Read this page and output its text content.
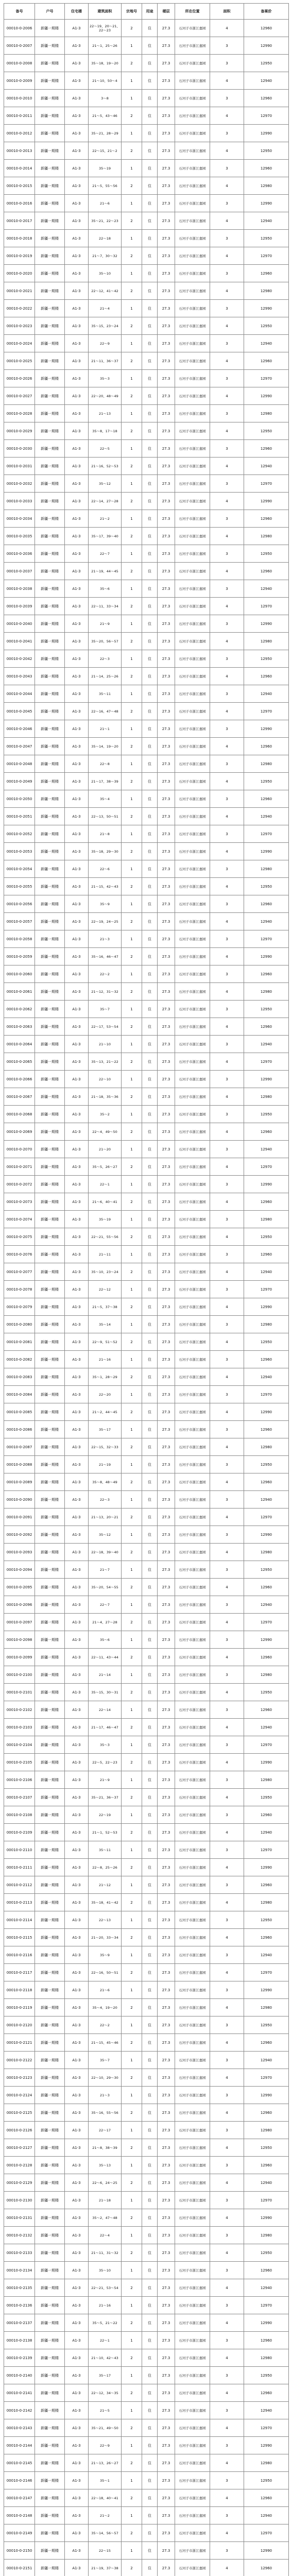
备号	户号	住宅楼	建筑面积	宗地号	用途	楼层	所在位置	面积	备案价
00010-0-2006	新疆一期楼	A1-3	22～19、20～21、22～23	2	住	27.3	石河子市浙江嘉园	4	12960
00010-0-2007	新疆一期楼	A1-3	21～1、25～26	1	住	27.3	石河子市浙江嘉园	3	12990
00010-0-2008	新疆一期楼	A1-3	35～18、19～20	2	住	27.3	石河子市浙江嘉园	3	12950
00010-0-2009	新疆一期楼	A1-3	21～10、50～4	1	住	27.3	石河子市浙江嘉园	4	12940
00010-0-2010	新疆一期楼	A1-3	3～8	1	住	27.3	石河子市浙江嘉园	3	12960
00010-0-2011	新疆一期楼	A1-3	21～5、43～46	2	住	27.3	石河子市浙江嘉园	4	12970
00010-0-2012	新疆一期楼	A1-3	35～21、28～29	1	住	27.3	石河子市浙江嘉园	3	12990
00010-0-2013	新疆一期楼	A1-3	22～15、21～2	2	住	27.3	石河子市浙江嘉园	4	12950
00010-0-2014	新疆一期楼	A1-3	35～19	1	住	27.3	石河子市浙江嘉园	3	12960
00010-0-2015	新疆一期楼	A1-3	21～5、55～56	2	住	27.3	石河子市浙江嘉园	4	12980
00010-0-2016	新疆一期楼	A1-3	21～6	1	住	27.3	石河子市浙江嘉园	3	12990
00010-0-2017	新疆一期楼	A1-3	35～21、22～23	2	住	27.3	石河子市浙江嘉园	4	12940
00010-0-2018	新疆一期楼	A1-3	22～18	1	住	27.3	石河子市浙江嘉园	3	12950
00010-0-2019	新疆一期楼	A1-3	21～7、30～32	2	住	27.3	石河子市浙江嘉园	4	12970
00010-0-2020	新疆一期楼	A1-3	35～10	1	住	27.3	石河子市浙江嘉园	3	12960
00010-0-2021	新疆一期楼	A1-3	22～12、41～42	2	住	27.3	石河子市浙江嘉园	4	12980
00010-0-2022	新疆一期楼	A1-3	21～4	1	住	27.3	石河子市浙江嘉园	3	12990
00010-0-2023	新疆一期楼	A1-3	35～15、23～24	2	住	27.3	石河子市浙江嘉园	4	12950
00010-0-2024	新疆一期楼	A1-3	22～9	1	住	27.3	石河子市浙江嘉园	3	12940
00010-0-2025	新疆一期楼	A1-3	21～11、36～37	2	住	27.3	石河子市浙江嘉园	4	12960
00010-0-2026	新疆一期楼	A1-3	35～3	1	住	27.3	石河子市浙江嘉园	3	12970
00010-0-2027	新疆一期楼	A1-3	22～20、48～49	2	住	27.3	石河子市浙江嘉园	4	12990
00010-0-2028	新疆一期楼	A1-3	21～13	1	住	27.3	石河子市浙江嘉园	3	12980
00010-0-2029	新疆一期楼	A1-3	35～8、17～18	2	住	27.3	石河子市浙江嘉园	4	12950
00010-0-2030	新疆一期楼	A1-3	22～5	1	住	27.3	石河子市浙江嘉园	3	12960
00010-0-2031	新疆一期楼	A1-3	21～16、52～53	2	住	27.3	石河子市浙江嘉园	4	12940
00010-0-2032	新疆一期楼	A1-3	35～12	1	住	27.3	石河子市浙江嘉园	3	12970
00010-0-2033	新疆一期楼	A1-3	22～14、27～28	2	住	27.3	石河子市浙江嘉园	4	12990
00010-0-2034	新疆一期楼	A1-3	21～2	1	住	27.3	石河子市浙江嘉园	3	12960
00010-0-2035	新疆一期楼	A1-3	35～17、39～40	2	住	27.3	石河子市浙江嘉园	4	12980
00010-0-2036	新疆一期楼	A1-3	22～7	1	住	27.3	石河子市浙江嘉园	3	12950
00010-0-2037	新疆一期楼	A1-3	21～19、44～45	2	住	27.3	石河子市浙江嘉园	4	12960
00010-0-2038	新疆一期楼	A1-3	35～6	1	住	27.3	石河子市浙江嘉园	3	12940
00010-0-2039	新疆一期楼	A1-3	22～11、33～34	2	住	27.3	石河子市浙江嘉园	4	12970
00010-0-2040	新疆一期楼	A1-3	21～9	1	住	27.3	石河子市浙江嘉园	3	12990
00010-0-2041	新疆一期楼	A1-3	35～20、56～57	2	住	27.3	石河子市浙江嘉园	4	12980
00010-0-2042	新疆一期楼	A1-3	22～3	1	住	27.3	石河子市浙江嘉园	3	12950
00010-0-2043	新疆一期楼	A1-3	21～14、25～26	2	住	27.3	石河子市浙江嘉园	4	12960
00010-0-2044	新疆一期楼	A1-3	35～11	1	住	27.3	石河子市浙江嘉园	3	12940
00010-0-2045	新疆一期楼	A1-3	22～16、47～48	2	住	27.3	石河子市浙江嘉园	4	12970
00010-0-2046	新疆一期楼	A1-3	21～1	1	住	27.3	石河子市浙江嘉园	3	12990
00010-0-2047	新疆一期楼	A1-3	35～14、19～20	2	住	27.3	石河子市浙江嘉园	4	12960
00010-0-2048	新疆一期楼	A1-3	22～8	1	住	27.3	石河子市浙江嘉园	3	12980
00010-0-2049	新疆一期楼	A1-3	21～17、38～39	2	住	27.3	石河子市浙江嘉园	4	12950
00010-0-2050	新疆一期楼	A1-3	35～4	1	住	27.3	石河子市浙江嘉园	3	12960
00010-0-2051	新疆一期楼	A1-3	22～13、50～51	2	住	27.3	石河子市浙江嘉园	4	12940
00010-0-2052	新疆一期楼	A1-3	21～8	1	住	27.3	石河子市浙江嘉园	3	12970
00010-0-2053	新疆一期楼	A1-3	35～18、29～30	2	住	27.3	石河子市浙江嘉园	4	12990
00010-0-2054	新疆一期楼	A1-3	22～6	1	住	27.3	石河子市浙江嘉园	3	12980
00010-0-2055	新疆一期楼	A1-3	21～15、42～43	2	住	27.3	石河子市浙江嘉园	4	12950
00010-0-2056	新疆一期楼	A1-3	35～9	1	住	27.3	石河子市浙江嘉园	3	12960
00010-0-2057	新疆一期楼	A1-3	22～19、24～25	2	住	27.3	石河子市浙江嘉园	4	12940
00010-0-2058	新疆一期楼	A1-3	21～3	1	住	27.3	石河子市浙江嘉园	3	12970
00010-0-2059	新疆一期楼	A1-3	35～16、46～47	2	住	27.3	石河子市浙江嘉园	4	12990
00010-0-2060	新疆一期楼	A1-3	22～2	1	住	27.3	石河子市浙江嘉园	3	12960
00010-0-2061	新疆一期楼	A1-3	21～12、31～32	2	住	27.3	石河子市浙江嘉园	4	12980
00010-0-2062	新疆一期楼	A1-3	35～7	1	住	27.3	石河子市浙江嘉园	3	12950
00010-0-2063	新疆一期楼	A1-3	22～17、53～54	2	住	27.3	石河子市浙江嘉园	4	12960
00010-0-2064	新疆一期楼	A1-3	21～10	1	住	27.3	石河子市浙江嘉园	3	12940
00010-0-2065	新疆一期楼	A1-3	35～13、21～22	2	住	27.3	石河子市浙江嘉园	4	12970
00010-0-2066	新疆一期楼	A1-3	22～10	1	住	27.3	石河子市浙江嘉园	3	12990
00010-0-2067	新疆一期楼	A1-3	21～18、35～36	2	住	27.3	石河子市浙江嘉园	4	12980
00010-0-2068	新疆一期楼	A1-3	35～2	1	住	27.3	石河子市浙江嘉园	3	12950
00010-0-2069	新疆一期楼	A1-3	22～4、49～50	2	住	27.3	石河子市浙江嘉园	4	12960
00010-0-2070	新疆一期楼	A1-3	21～20	1	住	27.3	石河子市浙江嘉园	3	12940
00010-0-2071	新疆一期楼	A1-3	35～5、26～27	2	住	27.3	石河子市浙江嘉园	4	12970
00010-0-2072	新疆一期楼	A1-3	22～1	1	住	27.3	石河子市浙江嘉园	3	12990
00010-0-2073	新疆一期楼	A1-3	21～6、40～41	2	住	27.3	石河子市浙江嘉园	4	12960
00010-0-2074	新疆一期楼	A1-3	35～19	1	住	27.3	石河子市浙江嘉园	3	12980
00010-0-2075	新疆一期楼	A1-3	22～21、55～56	2	住	27.3	石河子市浙江嘉园	4	12950
00010-0-2076	新疆一期楼	A1-3	21～11	1	住	27.3	石河子市浙江嘉园	3	12960
00010-0-2077	新疆一期楼	A1-3	35～10、23～24	2	住	27.3	石河子市浙江嘉园	4	12940
00010-0-2078	新疆一期楼	A1-3	22～12	1	住	27.3	石河子市浙江嘉园	3	12970
00010-0-2079	新疆一期楼	A1-3	21～5、37～38	2	住	27.3	石河子市浙江嘉园	4	12990
00010-0-2080	新疆一期楼	A1-3	35～14	1	住	27.3	石河子市浙江嘉园	3	12980
00010-0-2081	新疆一期楼	A1-3	22～9、51～52	2	住	27.3	石河子市浙江嘉园	4	12950
00010-0-2082	新疆一期楼	A1-3	21～16	1	住	27.3	石河子市浙江嘉园	3	12960
00010-0-2083	新疆一期楼	A1-3	35～1、28～29	2	住	27.3	石河子市浙江嘉园	4	12940
00010-0-2084	新疆一期楼	A1-3	22～20	1	住	27.3	石河子市浙江嘉园	3	12970
00010-0-2085	新疆一期楼	A1-3	21～2、44～45	2	住	27.3	石河子市浙江嘉园	4	12990
00010-0-2086	新疆一期楼	A1-3	35～17	1	住	27.3	石河子市浙江嘉园	3	12960
00010-0-2087	新疆一期楼	A1-3	22～15、32～33	2	住	27.3	石河子市浙江嘉园	4	12980
00010-0-2088	新疆一期楼	A1-3	21～19	1	住	27.3	石河子市浙江嘉园	3	12950
00010-0-2089	新疆一期楼	A1-3	35～8、48～49	2	住	27.3	石河子市浙江嘉园	4	12960
00010-0-2090	新疆一期楼	A1-3	22～3	1	住	27.3	石河子市浙江嘉园	3	12940
00010-0-2091	新疆一期楼	A1-3	21～13、20～21	2	住	27.3	石河子市浙江嘉园	4	12970
00010-0-2092	新疆一期楼	A1-3	35～12	1	住	27.3	石河子市浙江嘉园	3	12990
00010-0-2093	新疆一期楼	A1-3	22～18、39～40	2	住	27.3	石河子市浙江嘉园	4	12980
00010-0-2094	新疆一期楼	A1-3	21～7	1	住	27.3	石河子市浙江嘉园	3	12950
00010-0-2095	新疆一期楼	A1-3	35～20、54～55	2	住	27.3	石河子市浙江嘉园	4	12960
00010-0-2096	新疆一期楼	A1-3	22～7	1	住	27.3	石河子市浙江嘉园	3	12940
00010-0-2097	新疆一期楼	A1-3	21～4、27～28	2	住	27.3	石河子市浙江嘉园	4	12970
00010-0-2098	新疆一期楼	A1-3	35～6	1	住	27.3	石河子市浙江嘉园	3	12990
00010-0-2099	新疆一期楼	A1-3	22～11、43～44	2	住	27.3	石河子市浙江嘉园	4	12960
00010-0-2100	新疆一期楼	A1-3	21～14	1	住	27.3	石河子市浙江嘉园	3	12980
00010-0-2101	新疆一期楼	A1-3	35～15、30～31	2	住	27.3	石河子市浙江嘉园	4	12950
00010-0-2102	新疆一期楼	A1-3	22～14	1	住	27.3	石河子市浙江嘉园	3	12960
00010-0-2103	新疆一期楼	A1-3	21～17、46～47	2	住	27.3	石河子市浙江嘉园	4	12940
00010-0-2104	新疆一期楼	A1-3	35～3	1	住	27.3	石河子市浙江嘉园	3	12970
00010-0-2105	新疆一期楼	A1-3	22～5、22～23	2	住	27.3	石河子市浙江嘉园	4	12990
00010-0-2106	新疆一期楼	A1-3	21～9	1	住	27.3	石河子市浙江嘉园	3	12980
00010-0-2107	新疆一期楼	A1-3	35～21、36～37	2	住	27.3	石河子市浙江嘉园	4	12950
00010-0-2108	新疆一期楼	A1-3	22～19	1	住	27.3	石河子市浙江嘉园	3	12960
00010-0-2109	新疆一期楼	A1-3	21～1、52～53	2	住	27.3	石河子市浙江嘉园	4	12940
00010-0-2110	新疆一期楼	A1-3	35～11	1	住	27.3	石河子市浙江嘉园	3	12970
00010-0-2111	新疆一期楼	A1-3	22～8、25～26	2	住	27.3	石河子市浙江嘉园	4	12990
00010-0-2112	新疆一期楼	A1-3	21～12	1	住	27.3	石河子市浙江嘉园	3	12960
00010-0-2113	新疆一期楼	A1-3	35～18、41～42	2	住	27.3	石河子市浙江嘉园	4	12980
00010-0-2114	新疆一期楼	A1-3	22～13	1	住	27.3	石河子市浙江嘉园	3	12950
00010-0-2115	新疆一期楼	A1-3	21～20、33～34	2	住	27.3	石河子市浙江嘉园	4	12960
00010-0-2116	新疆一期楼	A1-3	35～9	1	住	27.3	石河子市浙江嘉园	3	12940
00010-0-2117	新疆一期楼	A1-3	22～16、50～51	2	住	27.3	石河子市浙江嘉园	4	12970
00010-0-2118	新疆一期楼	A1-3	21～6	1	住	27.3	石河子市浙江嘉园	3	12990
00010-0-2119	新疆一期楼	A1-3	35～4、19～20	2	住	27.3	石河子市浙江嘉园	4	12980
00010-0-2120	新疆一期楼	A1-3	22～2	1	住	27.3	石河子市浙江嘉园	3	12950
00010-0-2121	新疆一期楼	A1-3	21～15、45～46	2	住	27.3	石河子市浙江嘉园	4	12960
00010-0-2122	新疆一期楼	A1-3	35～7	1	住	27.3	石河子市浙江嘉园	3	12940
00010-0-2123	新疆一期楼	A1-3	22～10、29～30	2	住	27.3	石河子市浙江嘉园	4	12970
00010-0-2124	新疆一期楼	A1-3	21～3	1	住	27.3	石河子市浙江嘉园	3	12990
00010-0-2125	新疆一期楼	A1-3	35～16、55～56	2	住	27.3	石河子市浙江嘉园	4	12960
00010-0-2126	新疆一期楼	A1-3	22～17	1	住	27.3	石河子市浙江嘉园	3	12980
00010-0-2127	新疆一期楼	A1-3	21～8、38～39	2	住	27.3	石河子市浙江嘉园	4	12950
00010-0-2128	新疆一期楼	A1-3	35～13	1	住	27.3	石河子市浙江嘉园	3	12960
00010-0-2129	新疆一期楼	A1-3	22～6、24～25	2	住	27.3	石河子市浙江嘉园	4	12940
00010-0-2130	新疆一期楼	A1-3	21～18	1	住	27.3	石河子市浙江嘉园	3	12970
00010-0-2131	新疆一期楼	A1-3	35～2、47～48	2	住	27.3	石河子市浙江嘉园	4	12990
00010-0-2132	新疆一期楼	A1-3	22～4	1	住	27.3	石河子市浙江嘉园	3	12980
00010-0-2133	新疆一期楼	A1-3	21～11、31～32	2	住	27.3	石河子市浙江嘉园	4	12950
00010-0-2134	新疆一期楼	A1-3	35～10	1	住	27.3	石河子市浙江嘉园	3	12960
00010-0-2135	新疆一期楼	A1-3	22～21、53～54	2	住	27.3	石河子市浙江嘉园	4	12940
00010-0-2136	新疆一期楼	A1-3	21～16	1	住	27.3	石河子市浙江嘉园	3	12970
00010-0-2137	新疆一期楼	A1-3	35～5、21～22	2	住	27.3	石河子市浙江嘉园	4	12990
00010-0-2138	新疆一期楼	A1-3	22～1	1	住	27.3	石河子市浙江嘉园	3	12960
00010-0-2139	新疆一期楼	A1-3	21～10、42～43	2	住	27.3	石河子市浙江嘉园	4	12980
00010-0-2140	新疆一期楼	A1-3	35～17	1	住	27.3	石河子市浙江嘉园	3	12950
00010-0-2141	新疆一期楼	A1-3	22～12、34～35	2	住	27.3	石河子市浙江嘉园	4	12960
00010-0-2142	新疆一期楼	A1-3	21～5	1	住	27.3	石河子市浙江嘉园	3	12940
00010-0-2143	新疆一期楼	A1-3	35～21、49～50	2	住	27.3	石河子市浙江嘉园	4	12970
00010-0-2144	新疆一期楼	A1-3	22～9	1	住	27.3	石河子市浙江嘉园	3	12990
00010-0-2145	新疆一期楼	A1-3	21～13、26～27	2	住	27.3	石河子市浙江嘉园	4	12980
00010-0-2146	新疆一期楼	A1-3	35～1	1	住	27.3	石河子市浙江嘉园	3	12950
00010-0-2147	新疆一期楼	A1-3	22～18、40～41	2	住	27.3	石河子市浙江嘉园	4	12960
00010-0-2148	新疆一期楼	A1-3	21～2	1	住	27.3	石河子市浙江嘉园	3	12940
00010-0-2149	新疆一期楼	A1-3	35～14、56～57	2	住	27.3	石河子市浙江嘉园	4	12970
00010-0-2150	新疆一期楼	A1-3	22～15	1	住	27.3	石河子市浙江嘉园	3	12990
00010-0-2151	新疆一期楼	A1-3	21～19、37～38	2	住	27.3	石河子市浙江嘉园	4	12960
